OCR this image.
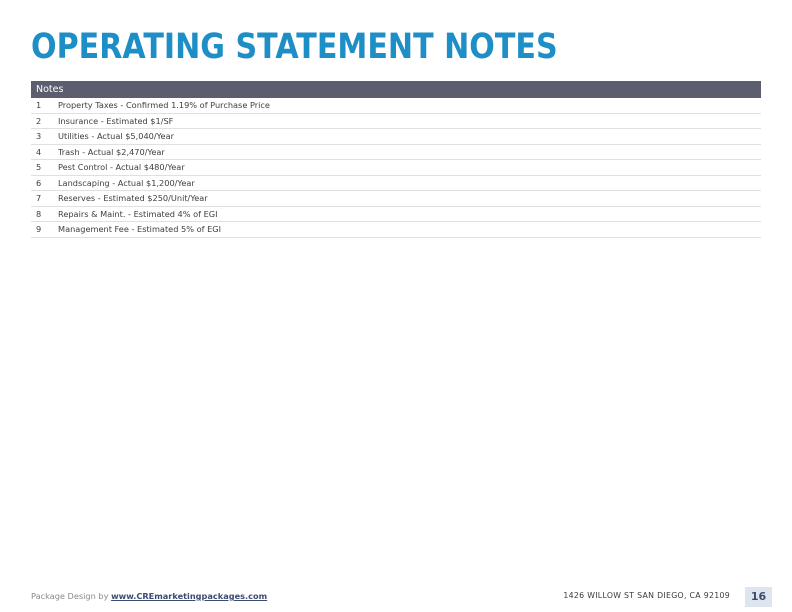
OPERATING STATEMENT NOTES
Notes
1	Property Taxes - Confirmed 1.19% of Purchase Price
2	Insurance - Estimated $1/SF
3	Utilities - Actual $5,040/Year
4	Trash - Actual $2,470/Year
5	Pest Control - Actual $480/Year
6	Landscaping - Actual $1,200/Year
7	Reserves - Estimated $250/Unit/Year
8	Repairs & Maint. - Estimated 4% of EGI
9	Management Fee - Estimated 5% of EGI
Package Design by www.CREmarketingpackages.com	1426 WILLOW ST SAN DIEGO, CA 92109	16
